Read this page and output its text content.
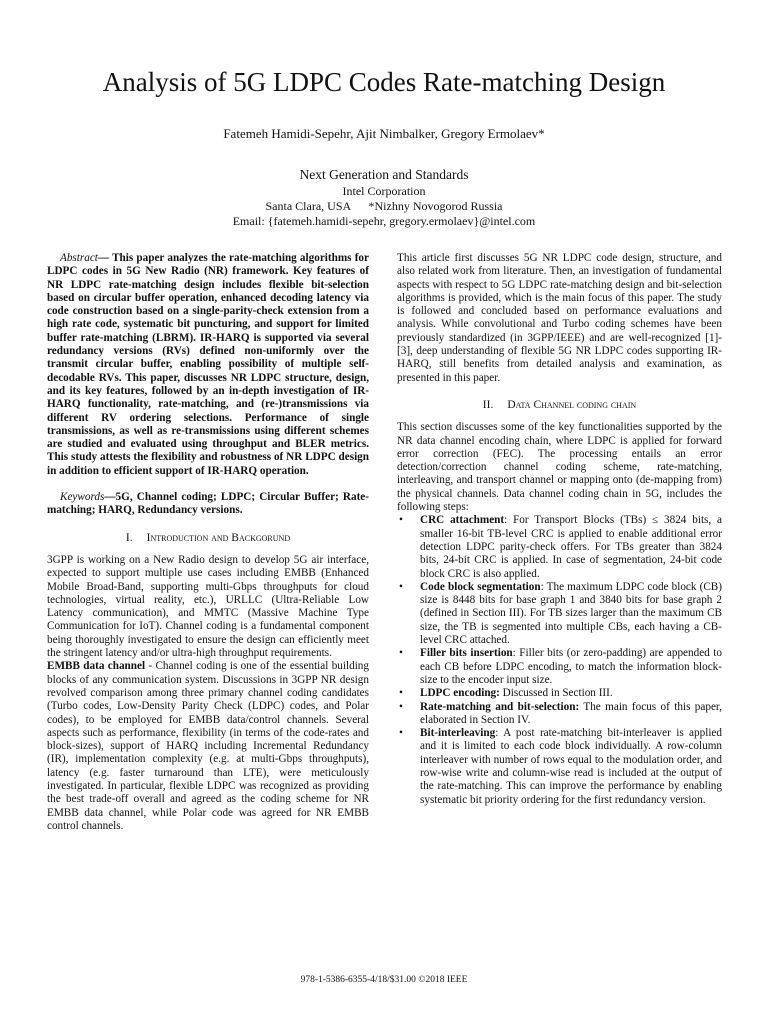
Analysis of 5G LDPC Codes Rate-matching Design
Fatemeh Hamidi-Sepehr, Ajit Nimbalker, Gregory Ermolaev*
Next Generation and Standards
Intel Corporation
Santa Clara, USA      *Nizhny Novogorod Russia
Email: {fatemeh.hamidi-sepehr, gregory.ermolaev}@intel.com

Abstract— This paper analyzes the rate-matching algorithms for LDPC codes in 5G New Radio (NR) framework. Key features of NR LDPC rate-matching design includes flexible bit-selection based on circular buffer operation, enhanced decoding latency via code construction based on a single-parity-check extension from a high rate code, systematic bit puncturing, and support for limited buffer rate-matching (LBRM). IR-HARQ is supported via several redundancy versions (RVs) defined non-uniformly over the transmit circular buffer, enabling possibility of multiple self-decodable RVs. This paper, discusses NR LDPC structure, design, and its key features, followed by an in-depth investigation of IR-HARQ functionality, rate-matching, and (re-)transmissions via different RV ordering selections. Performance of single transmissions, as well as re-transmissions using different schemes are studied and evaluated using throughput and BLER metrics. This study attests the flexibility and robustness of NR LDPC design in addition to efficient support of IR-HARQ operation.

Keywords—5G, Channel coding; LDPC; Circular Buffer; Rate-matching; HARQ, Redundancy versions.

I. Introduction and Backgorund

3GPP is working on a New Radio design to develop 5G air interface, expected to support multiple use cases including EMBB (Enhanced Mobile Broad-Band, supporting multi-Gbps throughputs for cloud technologies, virtual reality, etc.), URLLC (Ultra-Reliable Low Latency communication), and MMTC (Massive Machine Type Communication for IoT). Channel coding is a fundamental component being thoroughly investigated to ensure the design can efficiently meet the stringent latency and/or ultra-high throughput requirements.

EMBB data channel - Channel coding is one of the essential building blocks of any communication system. Discussions in 3GPP NR design revolved comparison among three primary channel coding candidates (Turbo codes, Low-Density Parity Check (LDPC) codes, and Polar codes), to be employed for EMBB data/control channels. Several aspects such as performance, flexibility (in terms of the code-rates and block-sizes), support of HARQ including Incremental Redundancy (IR), implementation complexity (e.g. at multi-Gbps throughputs), latency (e.g. faster turnaround than LTE), were meticulously investigated. In particular, flexible LDPC was recognized as providing the best trade-off overall and agreed as the coding scheme for NR EMBB data channel, while Polar code was agreed for NR EMBB control channels.

This article first discusses 5G NR LDPC code design, structure, and also related work from literature. Then, an investigation of fundamental aspects with respect to 5G LDPC rate-matching design and bit-selection algorithms is provided, which is the main focus of this paper. The study is followed and concluded based on performance evaluations and analysis. While convolutional and Turbo coding schemes have been previously standardized (in 3GPP/IEEE) and are well-recognized [1]-[3], deep understanding of flexible 5G NR LDPC codes supporting IR-HARQ, still benefits from detailed analysis and examination, as presented in this paper.

II. Data Channel coding chain

This section discusses some of the key functionalities supported by the NR data channel encoding chain, where LDPC is applied for forward error correction (FEC). The processing entails an error detection/correction channel coding scheme, rate-matching, interleaving, and transport channel or mapping onto (de-mapping from) the physical channels. Data channel coding chain in 5G, includes the following steps:

• CRC attachment: For Transport Blocks (TBs) ≤ 3824 bits, a smaller 16-bit TB-level CRC is applied to enable additional error detection LDPC parity-check offers. For TBs greater than 3824 bits, 24-bit CRC is applied. In case of segmentation, 24-bit code block CRC is also applied.
• Code block segmentation: The maximum LDPC code block (CB) size is 8448 bits for base graph 1 and 3840 bits for base graph 2 (defined in Section III). For TB sizes larger than the maximum CB size, the TB is segmented into multiple CBs, each having a CB-level CRC attached.
• Filler bits insertion: Filler bits (or zero-padding) are appended to each CB before LDPC encoding, to match the information block-size to the encoder input size.
• LDPC encoding: Discussed in Section III.
• Rate-matching and bit-selection: The main focus of this paper, elaborated in Section IV.
• Bit-interleaving: A post rate-matching bit-interleaver is applied and it is limited to each code block individually. A row-column interleaver with number of rows equal to the modulation order, and row-wise write and column-wise read is included at the output of the rate-matching. This can improve the performance by enabling systematic bit priority ordering for the first redundancy version.
978-1-5386-6355-4/18/$31.00 ©2018 IEEE
